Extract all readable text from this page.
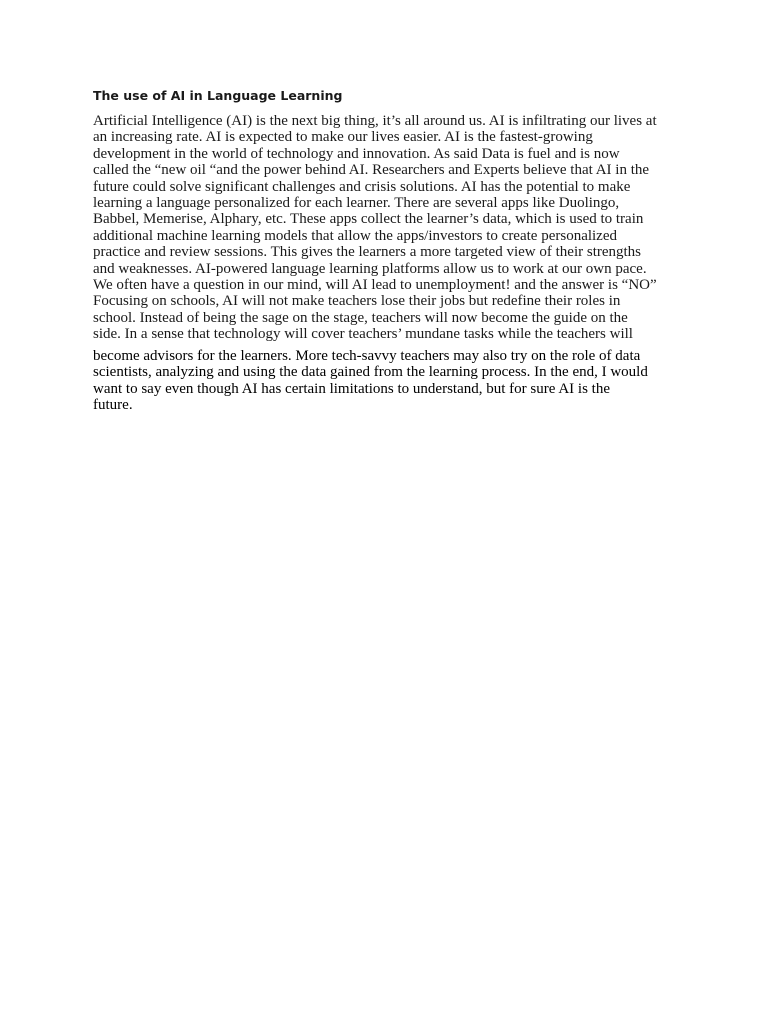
The use of AI in Language Learning
Artificial Intelligence (AI) is the next big thing, it’s all around us. AI is infiltrating our lives at
an increasing rate. AI is expected to make our lives easier. AI is the fastest-growing
development in the world of technology and innovation. As said Data is fuel and is now
called the “new oil “and the power behind AI. Researchers and Experts believe that AI in the
future could solve significant challenges and crisis solutions. AI has the potential to make
learning a language personalized for each learner. There are several apps like Duolingo,
Babbel, Memerise, Alphary, etc. These apps collect the learner’s data, which is used to train
additional machine learning models that allow the apps/investors to create personalized
practice and review sessions. This gives the learners a more targeted view of their strengths
and weaknesses. AI-powered language learning platforms allow us to work at our own pace.
We often have a question in our mind, will AI lead to unemployment! and the answer is “NO”
Focusing on schools, AI will not make teachers lose their jobs but redefine their roles in
school. Instead of being the sage on the stage, teachers will now become the guide on the
side. In a sense that technology will cover teachers’ mundane tasks while the teachers will
become advisors for the learners. More tech-savvy teachers may also try on the role of data
scientists, analyzing and using the data gained from the learning process. In the end, I would
want to say even though AI has certain limitations to understand, but for sure AI is the
future.
